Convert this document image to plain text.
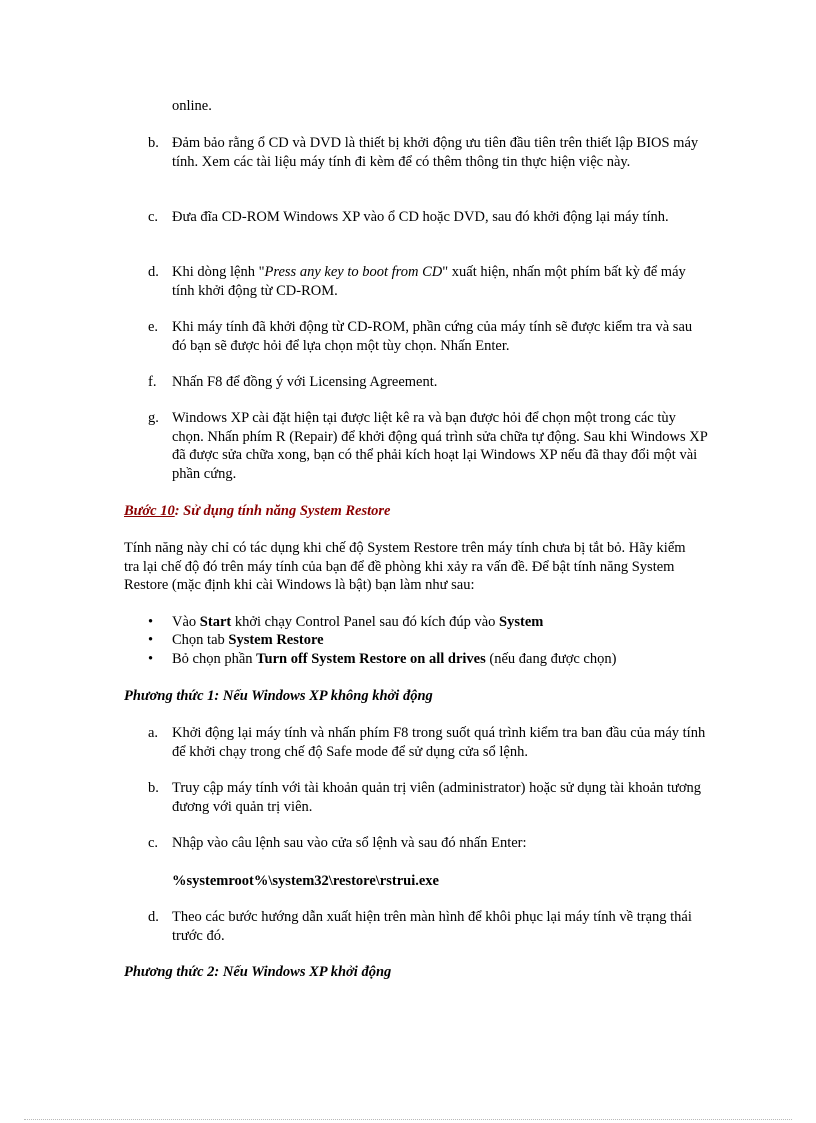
online.
b. Đảm bảo rằng ổ CD và DVD là thiết bị khởi động ưu tiên đầu tiên trên thiết lập BIOS máy tính. Xem các tài liệu máy tính đi kèm để có thêm thông tin thực hiện việc này.
c. Đưa đĩa CD-ROM Windows XP vào ổ CD hoặc DVD, sau đó khởi động lại máy tính.
d. Khi dòng lệnh "Press any key to boot from CD" xuất hiện, nhấn một phím bất kỳ để máy tính khởi động từ CD-ROM.
e. Khi máy tính đã khởi động từ CD-ROM, phần cứng của máy tính sẽ được kiểm tra và sau đó bạn sẽ được hỏi để lựa chọn một tùy chọn. Nhấn Enter.
f.	Nhấn F8 để đồng ý với Licensing Agreement.
g. Windows XP cài đặt hiện tại được liệt kê ra và bạn được hỏi để chọn một trong các tùy chọn. Nhấn phím R (Repair) để khởi động quá trình sửa chữa tự động. Sau khi Windows XP đã được sửa chữa xong, bạn có thể phải kích hoạt lại Windows XP nếu đã thay đổi một vài phần cứng.
Bước 10: Sử dụng tính năng System Restore
Tính năng này chỉ có tác dụng khi chế độ System Restore trên máy tính chưa bị tắt bỏ. Hãy kiểm tra lại chế độ đó trên máy tính của bạn để đề phòng khi xảy ra vấn đề. Để bật tính năng System Restore (mặc định khi cài Windows là bật) bạn làm như sau:
• Vào Start khởi chạy Control Panel sau đó kích đúp vào System
• Chọn tab System Restore
• Bỏ chọn phần Turn off System Restore on all drives (nếu đang được chọn)
Phương thức 1: Nếu Windows XP không khởi động
a. Khởi động lại máy tính và nhấn phím F8 trong suốt quá trình kiểm tra ban đầu của máy tính để khởi chạy trong chế độ Safe mode để sử dụng cửa sổ lệnh.
b. Truy cập máy tính với tài khoản quản trị viên (administrator) hoặc sử dụng tài khoản tương đương với quản trị viên.
c. Nhập vào câu lệnh sau vào cửa sổ lệnh và sau đó nhấn Enter:
%systemroot%\system32\restore\rstrui.exe
d. Theo các bước hướng dẫn xuất hiện trên màn hình để khôi phục lại máy tính về trạng thái trước đó.
Phương thức 2: Nếu Windows XP khởi động
